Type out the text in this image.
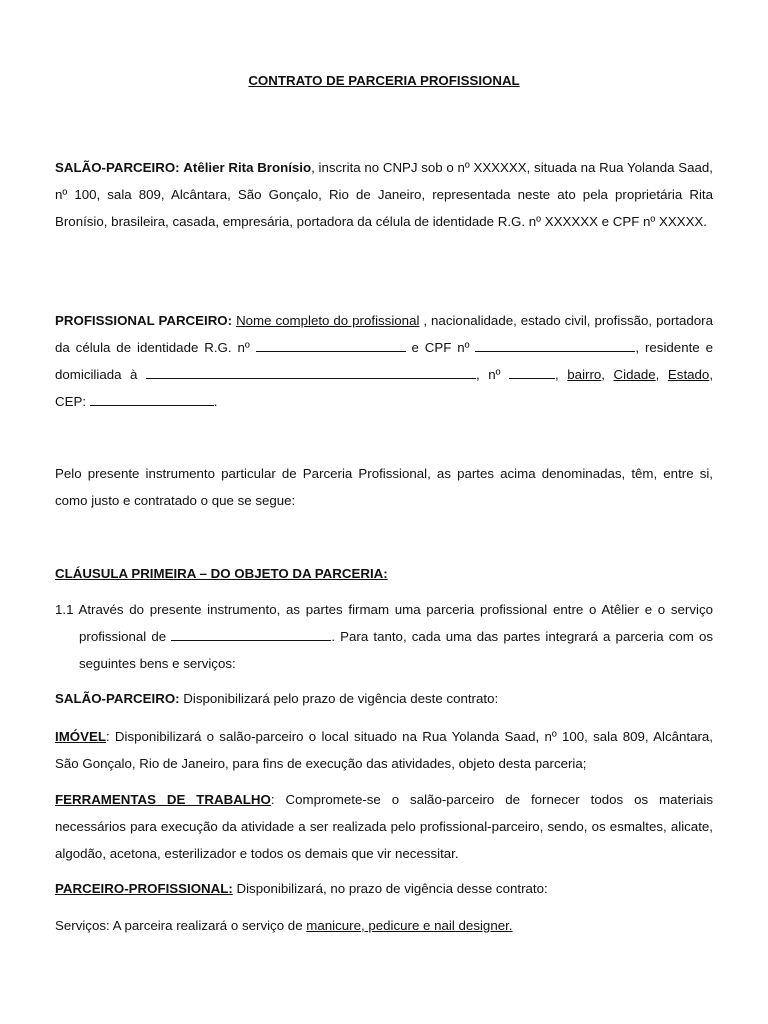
CONTRATO DE PARCERIA PROFISSIONAL
SALÃO-PARCEIRO: Atêlier Rita Bronísio, inscrita no CNPJ sob o nº XXXXXX, situada na Rua Yolanda Saad, nº 100, sala 809, Alcântara, São Gonçalo, Rio de Janeiro, representada neste ato pela proprietária Rita Bronísio, brasileira, casada, empresária, portadora da célula de identidade R.G. nº XXXXXX e CPF nº XXXXX.
PROFISSIONAL PARCEIRO: Nome completo do profissional , nacionalidade, estado civil, profissão, portadora da célula de identidade R.G. nº	e CPF nº	, residente e domiciliada à	, nº	, bairro, Cidade, Estado, CEP:	.
Pelo presente instrumento particular de Parceria Profissional, as partes acima denominadas, têm, entre si, como justo e contratado o que se segue:
CLÁUSULA PRIMEIRA – DO OBJETO DA PARCERIA:
1.1 Através do presente instrumento, as partes firmam uma parceria profissional entre o Atêlier e o serviço profissional de	. Para tanto, cada uma das partes integrará a parceria com os seguintes bens e serviços:
SALÃO-PARCEIRO: Disponibilizará pelo prazo de vigência deste contrato:
IMÓVEL: Disponibilizará o salão-parceiro o local situado na Rua Yolanda Saad, nº 100, sala 809, Alcântara, São Gonçalo, Rio de Janeiro, para fins de execução das atividades, objeto desta parceria;
FERRAMENTAS DE TRABALHO: Compromete-se o salão-parceiro de fornecer todos os materiais necessários para execução da atividade a ser realizada pelo profissional-parceiro, sendo, os esmaltes, alicate, algodão, acetona, esterilizador e todos os demais que vir necessitar.
PARCEIRO-PROFISSIONAL: Disponibilizará, no prazo de vigência desse contrato:
Serviços: A parceira realizará o serviço de manicure, pedicure e nail designer.
